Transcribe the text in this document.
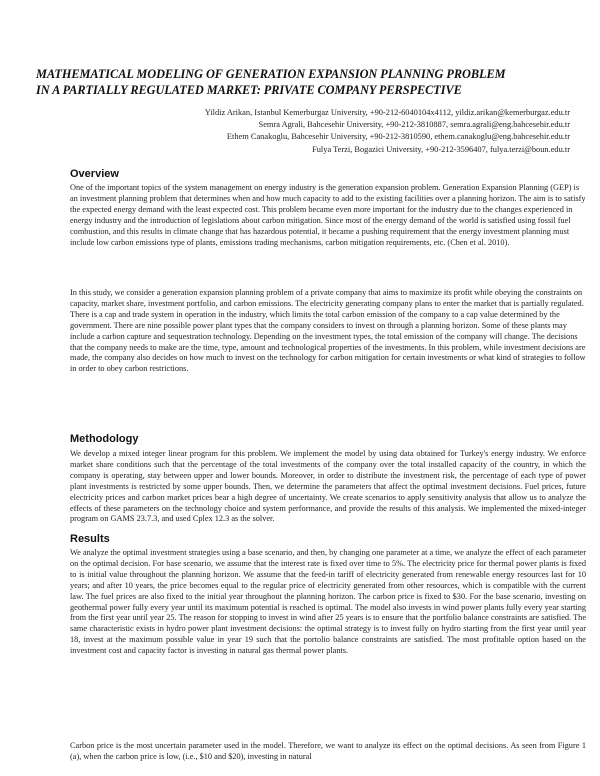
MATHEMATICAL MODELING OF GENERATION EXPANSION PLANNING PROBLEM
IN A PARTIALLY REGULATED MARKET: PRIVATE COMPANY PERSPECTIVE
Yildiz Arikan, Istanbul Kemerburgaz University, +90-212-6040104x4112, yildiz.arikan@kemerburgaz.edu.tr
Semra Agrali, Bahcesehir University, +90-212-3810887, semra.agrali@eng.bahcesehir.edu.tr
Ethem Canakoglu, Bahcesehir University, +90-212-3810590, ethem.canakoglu@eng.bahcesehir.edu.tr
Fulya Terzi, Bogazici University, +90-212-3596407, fulya.terzi@boun.edu.tr
Overview

One of the important topics of the system management on energy industry is the generation expansion problem. Generation Expansion Planning (GEP) is an investment planning problem that determines when and how much capacity to add to the existing facilities over a planning horizon. The aim is to satisfy the expected energy demand with the least expected cost. This problem became even more important for the industry due to the changes experienced in energy industry and the introduction of legislations about carbon mitigation. Since most of the energy demand of the world is satisfied using fossil fuel combustion, and this results in climate change that has hazardous potential, it became a pushing requirement that the energy investment planning must include low carbon emissions type of plants, emissions trading mechanisms, carbon mitigation requirements, etc. (Chen et al. 2010).

In this study, we consider a generation expansion planning problem of a private company that aims to maximize its profit while obeying the constraints on capacity, market share, investment portfolio, and carbon emissions. The electricity generating company plans to enter the market that is partially regulated. There is a cap and trade system in operation in the industry, which limits the total carbon emission of the company to a cap value determined by the government. There are nine possible power plant types that the company considers to invest on through a planning horizon. Some of these plants may include a carbon capture and sequestration technology. Depending on the investment types, the total emission of the company will change. The decisions that the company needs to make are the time, type, amount and technological properties of the investments. In this problem, while investment decisions are made, the company also decides on how much to invest on the technology for carbon mitigation for certain investments or what kind of strategies to follow in order to obey carbon restrictions.

Methodology

We develop a mixed integer linear program for this problem. We implement the model by using data obtained for Turkey's energy industry. We enforce market share conditions such that the percentage of the total investments of the company over the total installed capacity of the country, in which the company is operating, stay between upper and lower bounds. Moreover, in order to distribute the investment risk, the percentage of each type of power plant investments is restricted by some upper bounds. Then, we determine the parameters that affect the optimal investment decisions. Fuel prices, future electricity prices and carbon market prices bear a high degree of uncertainty. We create scenarios to apply sensitivity analysis that allow us to analyze the effects of these parameters on the technology choice and system performance, and provide the results of this analysis. We implemented the mixed-integer program on GAMS 23.7.3, and used Cplex 12.3 as the solver.

Results

We analyze the optimal investment strategies using a base scenario, and then, by changing one parameter at a time, we analyze the effect of each parameter on the optimal decision. For base scenario, we assume that the interest rate is fixed over time to 5%. The electricity price for thermal power plants is fixed to is initial value throughout the planning horizon. We assume that the feed-in tariff of electricity generated from renewable energy resources last for 10 years; and after 10 years, the price becomes equal to the regular price of electricity generated from other resources, which is compatible with the current law. The fuel prices are also fixed to the initial year throughout the planning horizon. The carbon price is fixed to $30. For the base scenario, investing on geothermal power fully every year until its maximum potential is reached is optimal. The model also invests in wind power plants fully every year starting from the first year until year 25. The reason for stopping to invest in wind after 25 years is to ensure that the portfolio balance constraints are satisfied. The same characteristic exists in hydro power plant investment decisions: the optimal strategy is to invest fully on hydro starting from the first year until year 18, invest at the maximum possible value in year 19 such that the portolio balance constraints are satisfied. The most profitable option based on the investment cost and capacity factor is investing in natural gas thermal power plants.

Carbon price is the most uncertain parameter used in the model. Therefore, we want to analyze its effect on the optimal decisions. As seen from Figure 1 (a), when the carbon price is low, (i.e., $10 and $20), investing in natural
